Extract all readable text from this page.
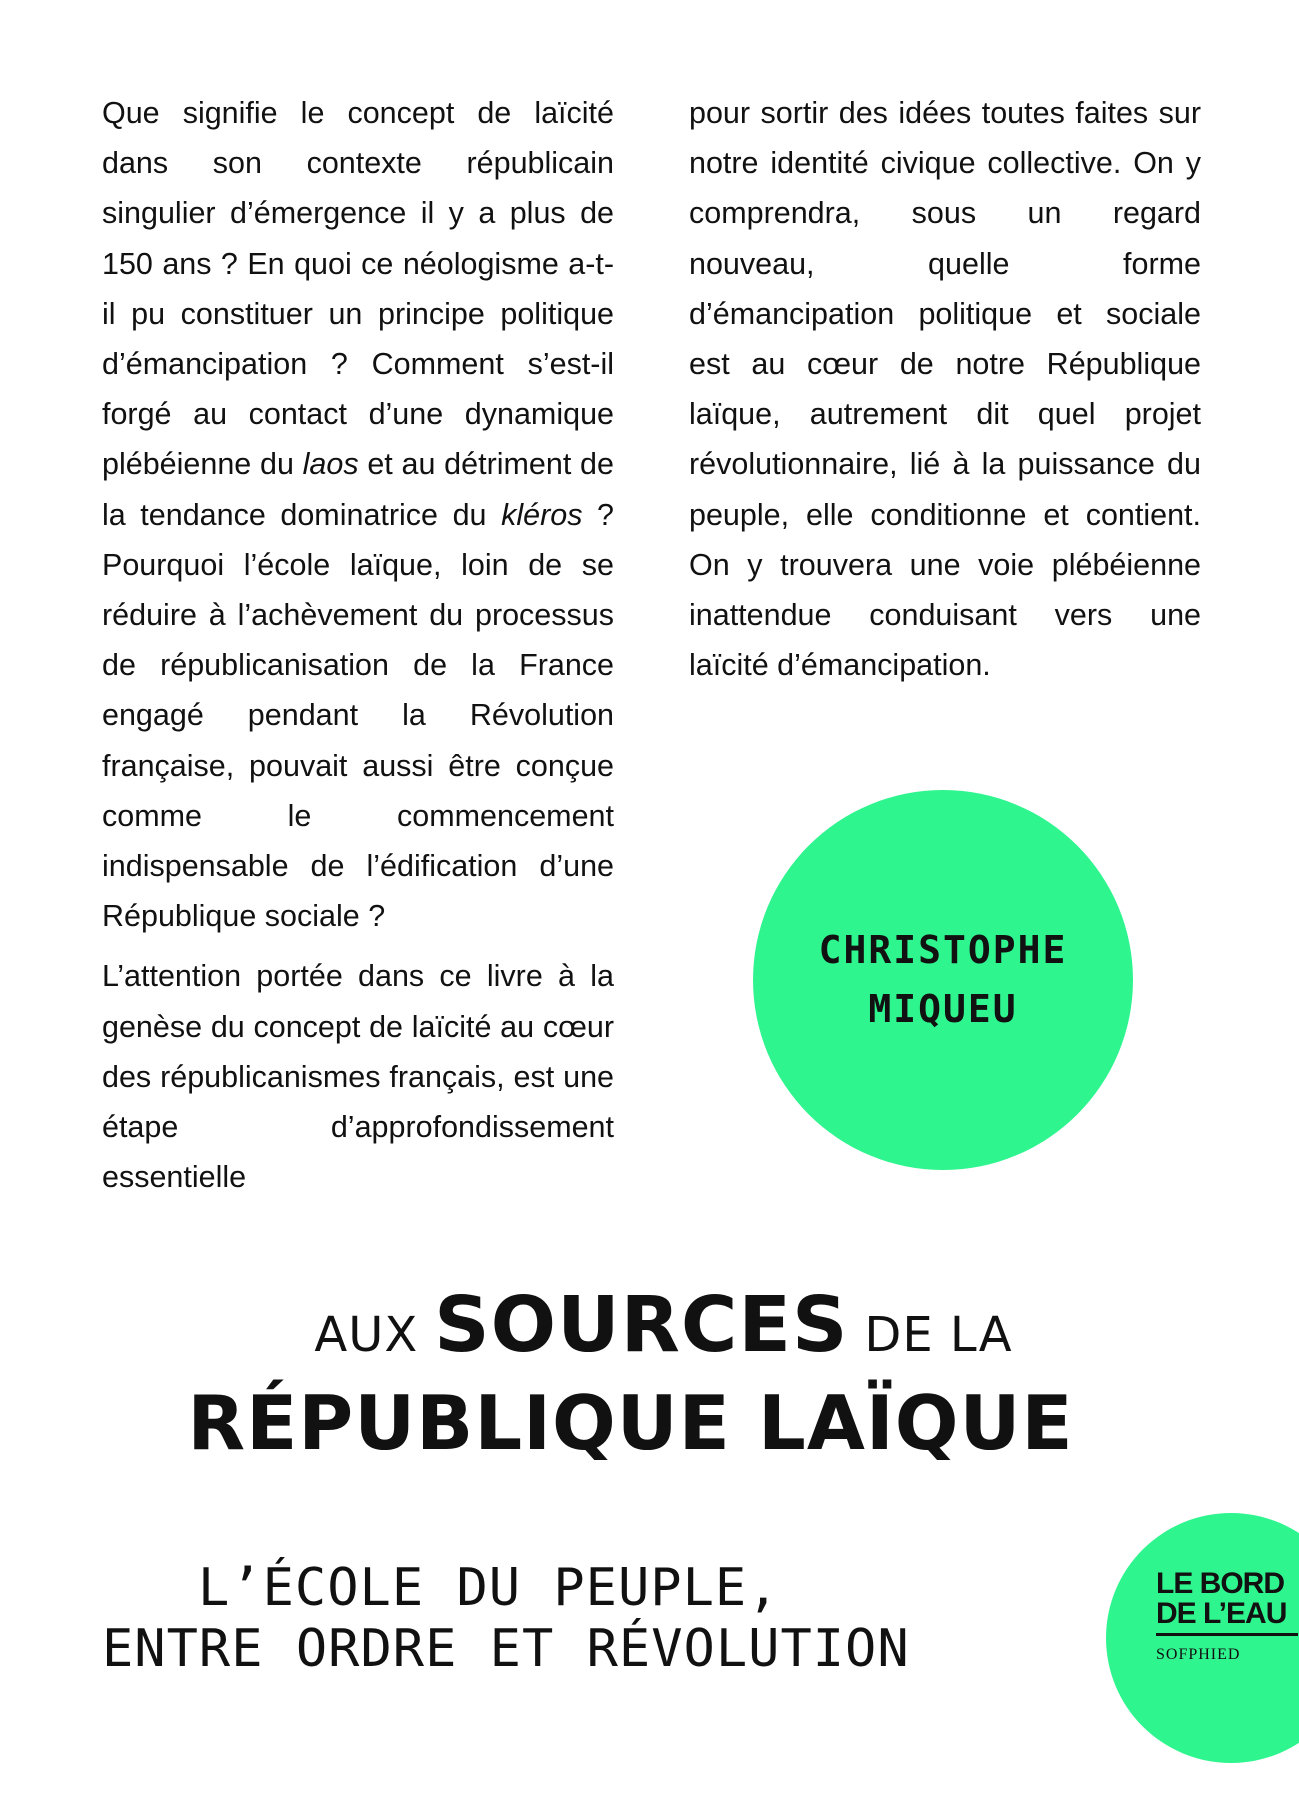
Que signifie le concept de laïcité dans son contexte républicain singulier d’émergence il y a plus de 150 ans ? En quoi ce néologisme a-t-il pu constituer un principe politique d’émancipation ? Comment s’est-il forgé au contact d’une dynamique plébéienne du laos et au détriment de la tendance dominatrice du kléros ? Pourquoi l’école laïque, loin de se réduire à l’achèvement du processus de républicanisation de la France engagé pendant la Révolution française, pouvait aussi être conçue comme le commencement indispensable de l’édification d’une République sociale ?

L’attention portée dans ce livre à la genèse du concept de laïcité au cœur des républicanismes français, est une étape d’approfondissement essentielle

pour sortir des idées toutes faites sur notre identité civique collective. On y comprendra, sous un regard nouveau, quelle forme d’émancipation politique et sociale est au cœur de notre République laïque, autrement dit quel projet révolutionnaire, lié à la puissance du peuple, elle conditionne et contient. On y trouvera une voie plébéienne inattendue conduisant vers une laïcité d’émancipation.

CHRISTOPHE
MIQUEU
AUX SOURCES DE LA
RÉPUBLIQUE LAÏQUE
L’ÉCOLE DU PEUPLE,
ENTRE ORDRE ET RÉVOLUTION
LE BORD
DE L’EAU
SOFPHIED
